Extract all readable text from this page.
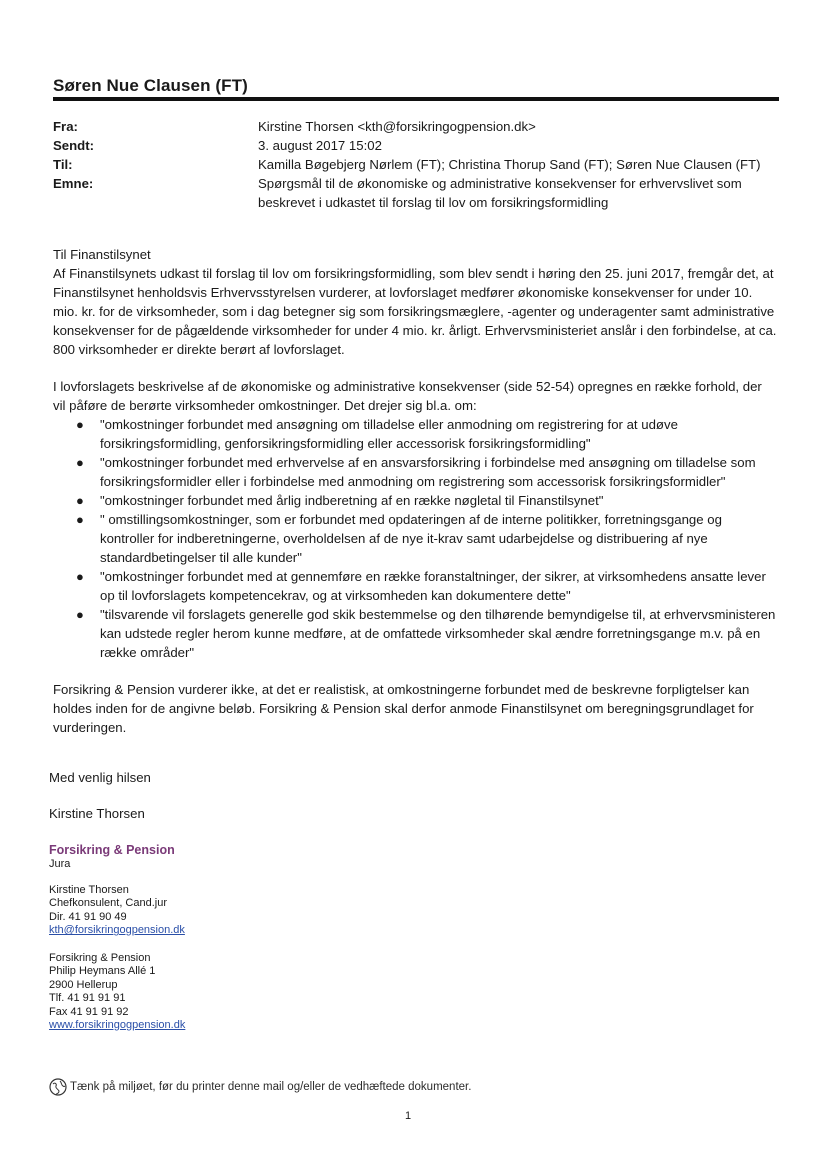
Søren Nue Clausen (FT)
Fra:	Kirstine Thorsen <kth@forsikringogpension.dk>
Sendt:	3. august 2017 15:02
Til:	Kamilla Bøgebjerg Nørlem (FT); Christina Thorup Sand (FT); Søren Nue Clausen (FT)
Emne:	Spørgsmål til de økonomiske og administrative konsekvenser for erhvervslivet som beskrevet i udkastet til forslag til lov om forsikringsformidling

Til Finanstilsynet

Af Finanstilsynets udkast til forslag til lov om forsikringsformidling, som blev sendt i høring den 25. juni 2017, fremgår det, at Finanstilsynet henholdsvis Erhvervsstyrelsen vurderer, at lovforslaget medfører økonomiske konsekvenser for under 10. mio. kr. for de virksomheder, som i dag betegner sig som forsikringsmæglere, -agenter og underagenter samt administrative konsekvenser for de pågældende virksomheder for under 4 mio. kr. årligt. Erhvervsministeriet anslår i den forbindelse, at ca. 800 virksomheder er direkte berørt af lovforslaget.

I lovforslagets beskrivelse af de økonomiske og administrative konsekvenser (side 52-54) opregnes en række forhold, der vil påføre de berørte virksomheder omkostninger. Det drejer sig bl.a. om:

● "omkostninger forbundet med ansøgning om tilladelse eller anmodning om registrering for at udøve forsikringsformidling, genforsikringsformidling eller accessorisk forsikringsformidling"
● "omkostninger forbundet med erhvervelse af en ansvarsforsikring i forbindelse med ansøgning om tilladelse som forsikringsformidler eller i forbindelse med anmodning om registrering som accessorisk forsikringsformidler"
● "omkostninger forbundet med årlig indberetning af en række nøgletal til Finanstilsynet"
● " omstillingsomkostninger, som er forbundet med opdateringen af de interne politikker, forretningsgange og kontroller for indberetningerne, overholdelsen af de nye it-krav samt udarbejdelse og distribuering af nye standardbetingelser til alle kunder"
● "omkostninger forbundet med at gennemføre en række foranstaltninger, der sikrer, at virksomhedens ansatte lever op til lovforslagets kompetencekrav, og at virksomheden kan dokumentere dette"
● "tilsvarende vil forslagets generelle god skik bestemmelse og den tilhørende bemyndigelse til, at erhvervsministeren kan udstede regler herom kunne medføre, at de omfattede virksomheder skal ændre forretningsgange m.v. på en række områder"

Forsikring & Pension vurderer ikke, at det er realistisk, at omkostningerne forbundet med de beskrevne forpligtelser kan holdes inden for de angivne beløb. Forsikring & Pension skal derfor anmode Finanstilsynet om beregningsgrundlaget for vurderingen.

Med venlig hilsen
Kirstine Thorsen
Forsikring & Pension
Jura
Kirstine Thorsen
Chefkonsulent, Cand.jur
Dir. 41 91 90 49
kth@forsikringogpension.dk
Forsikring & Pension
Philip Heymans Allé 1
2900 Hellerup
Tlf. 41 91 91 91
Fax 41 91 91 92
www.forsikringogpension.dk
Tænk på miljøet, før du printer denne mail og/eller de vedhæftede dokumenter.
1
